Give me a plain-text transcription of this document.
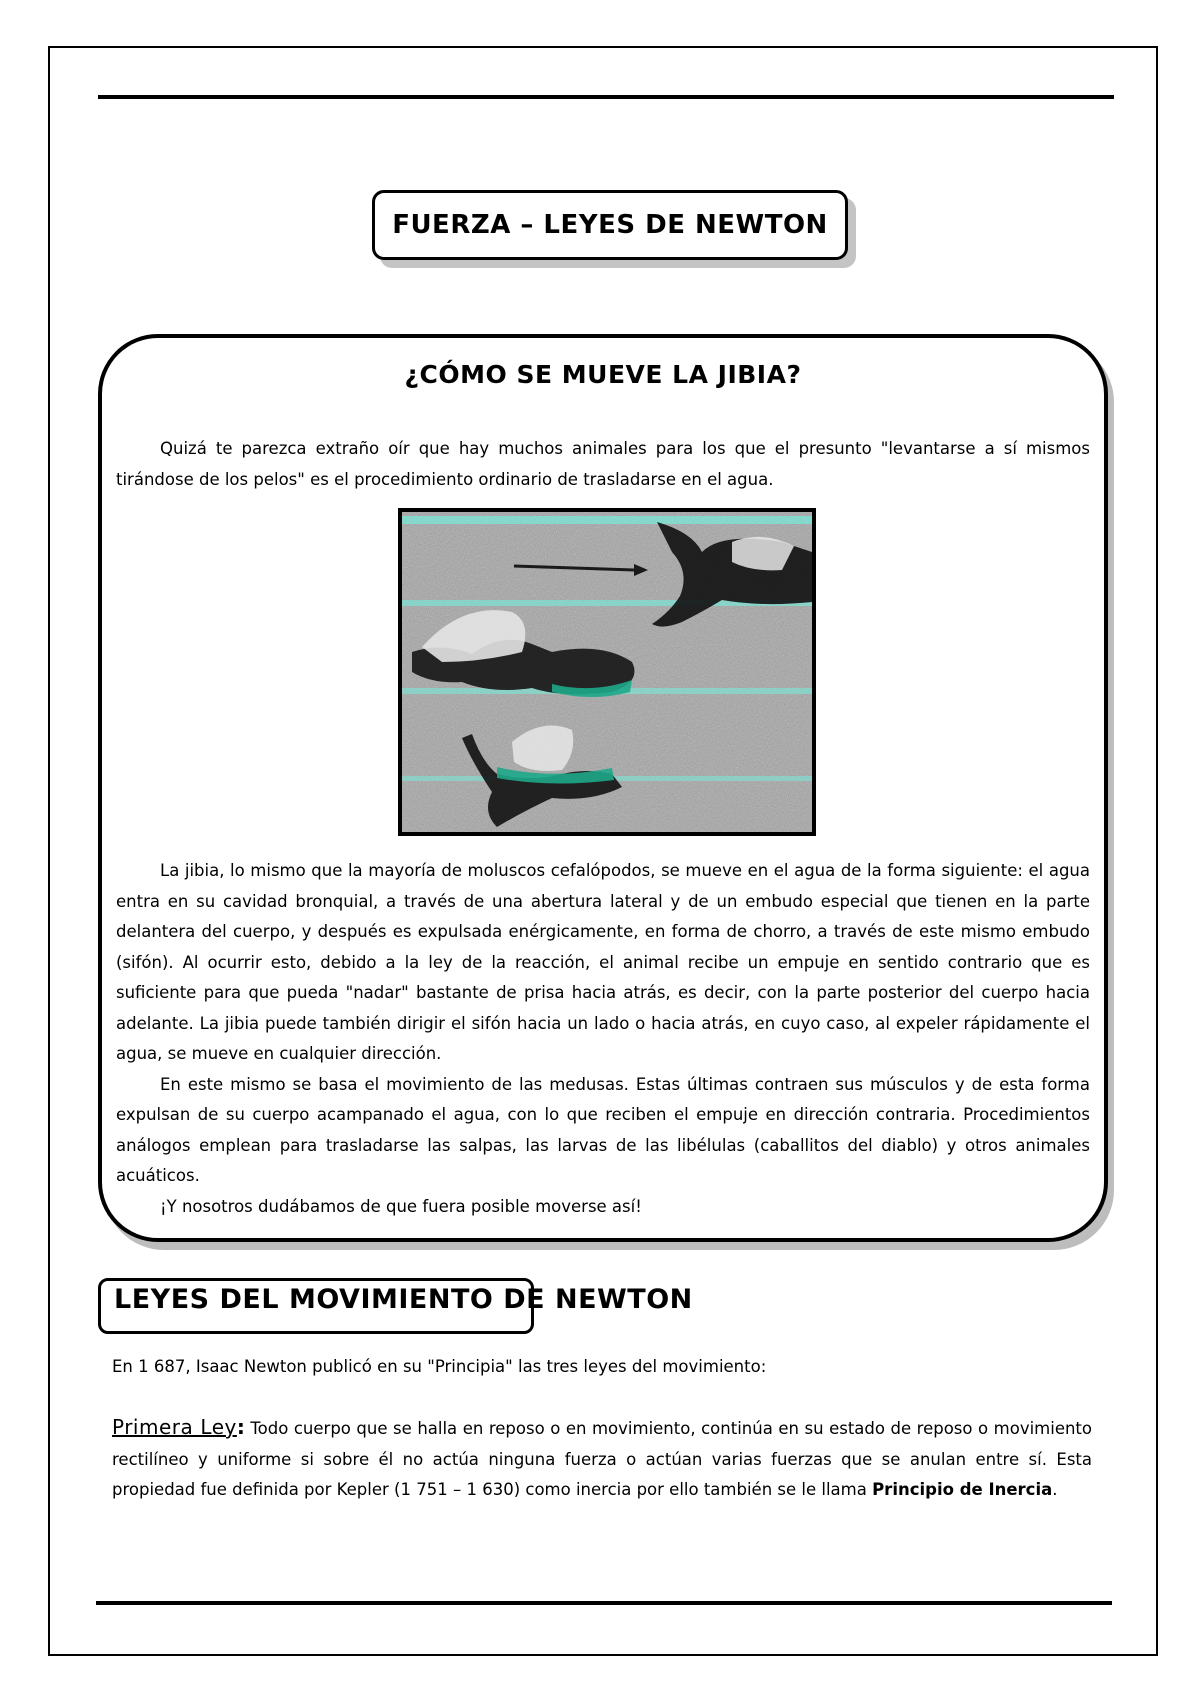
FUERZA – LEYES DE NEWTON
¿CÓMO SE MUEVE LA JIBIA?

Quizá te parezca extraño oír que hay muchos animales para los que el presunto "levantarse a sí mismos tirándose de los pelos" es el procedimiento ordinario de trasladarse en el agua.

La jibia, lo mismo que la mayoría de moluscos cefalópodos, se mueve en el agua de la forma siguiente: el agua entra en su cavidad bronquial, a través de una abertura lateral y de un embudo especial que tienen en la parte delantera del cuerpo, y después es expulsada enérgicamente, en forma de chorro, a través de este mismo embudo (sifón). Al ocurrir esto, debido a la ley de la reacción, el animal recibe un empuje en sentido contrario que es suficiente para que pueda "nadar" bastante de prisa hacia atrás, es decir, con la parte posterior del cuerpo hacia adelante. La jibia puede también dirigir el sifón hacia un lado o hacia atrás, en cuyo caso, al expeler rápidamente el agua, se mueve en cualquier dirección.

En este mismo se basa el movimiento de las medusas. Estas últimas contraen sus músculos y de esta forma expulsan de su cuerpo acampanado el agua, con lo que reciben el empuje en dirección contraria. Procedimientos análogos emplean para trasladarse las salpas, las larvas de las libélulas (caballitos del diablo) y otros animales acuáticos.

¡Y nosotros dudábamos de que fuera posible moverse así!

LEYES DEL MOVIMIENTO DE NEWTON

En 1 687, Isaac Newton publicó en su "Principia" las tres leyes del movimiento:

Primera Ley: Todo cuerpo que se halla en reposo o en movimiento, continúa en su estado de reposo o movimiento rectilíneo y uniforme si sobre él no actúa ninguna fuerza o actúan varias fuerzas que se anulan entre sí. Esta propiedad fue definida por Kepler (1 751 – 1 630) como inercia por ello también se le llama Principio de Inercia.
